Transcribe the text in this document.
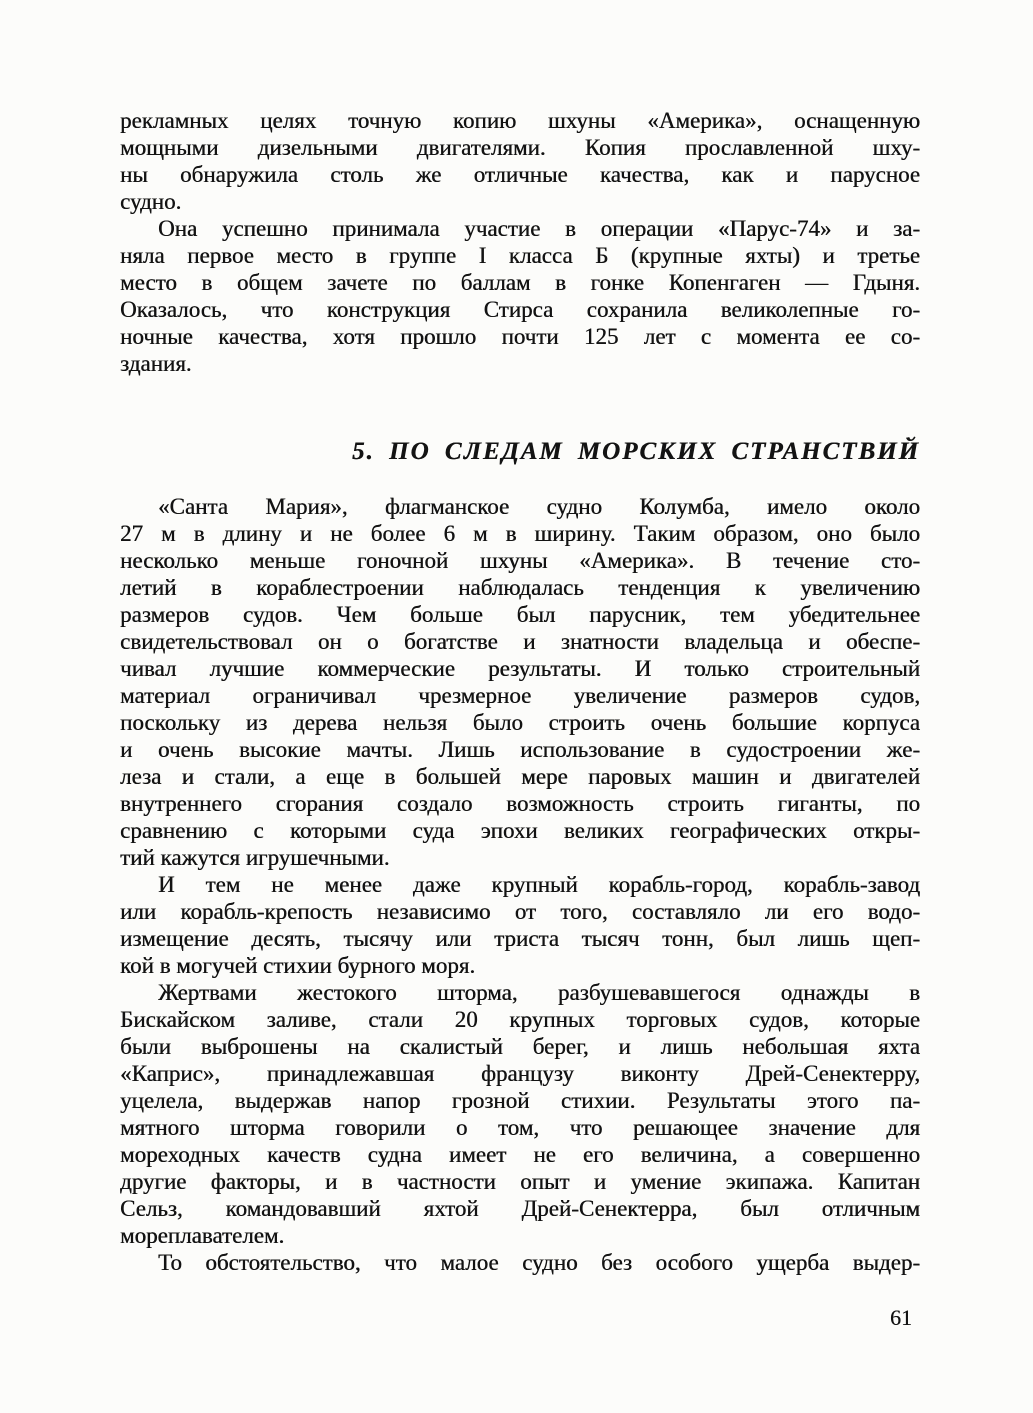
рекламных целях точную копию шхуны «Америка», оснащенную
мощными дизельными двигателями. Копия прославленной шху-
ны обнаружила столь же отличные качества, как и парусное
судно.
Она успешно принимала участие в операции «Парус-74» и за-
няла первое место в группе I класса Б (крупные яхты) и третье
место в общем зачете по баллам в гонке Копенгаген — Гдыня.
Оказалось, что конструкция Стирса сохранила великолепные го-
ночные качества, хотя прошло почти 125 лет с момента ее со-
здания.
5. ПО СЛЕДАМ МОРСКИХ СТРАНСТВИЙ
«Санта Мария», флагманское судно Колумба, имело около
27 м в длину и не более 6 м в ширину. Таким образом, оно было
несколько меньше гоночной шхуны «Америка». В течение сто-
летий в кораблестроении наблюдалась тенденция к увеличению
размеров судов. Чем больше был парусник, тем убедительнее
свидетельствовал он о богатстве и знатности владельца и обеспе-
чивал лучшие коммерческие результаты. И только строительный
материал ограничивал чрезмерное увеличение размеров судов,
поскольку из дерева нельзя было строить очень большие корпуса
и очень высокие мачты. Лишь использование в судостроении же-
леза и стали, а еще в большей мере паровых машин и двигателей
внутреннего сгорания создало возможность строить гиганты, по
сравнению с которыми суда эпохи великих географических откры-
тий кажутся игрушечными.
И тем не менее даже крупный корабль-город, корабль-завод
или корабль-крепость независимо от того, составляло ли его водо-
измещение десять, тысячу или триста тысяч тонн, был лишь щеп-
кой в могучей стихии бурного моря.
Жертвами жестокого шторма, разбушевавшегося однажды в
Бискайском заливе, стали 20 крупных торговых судов, которые
были выброшены на скалистый берег, и лишь небольшая яхта
«Каприс», принадлежавшая французу виконту Дрей-Сенектерру,
уцелела, выдержав напор грозной стихии. Результаты этого па-
мятного шторма говорили о том, что решающее значение для
мореходных качеств судна имеет не его величина, а совершенно
другие факторы, и в частности опыт и умение экипажа. Капитан
Сельз, командовавший яхтой Дрей-Сенектерра, был отличным
мореплавателем.
То обстоятельство, что малое судно без особого ущерба выдер-
61
